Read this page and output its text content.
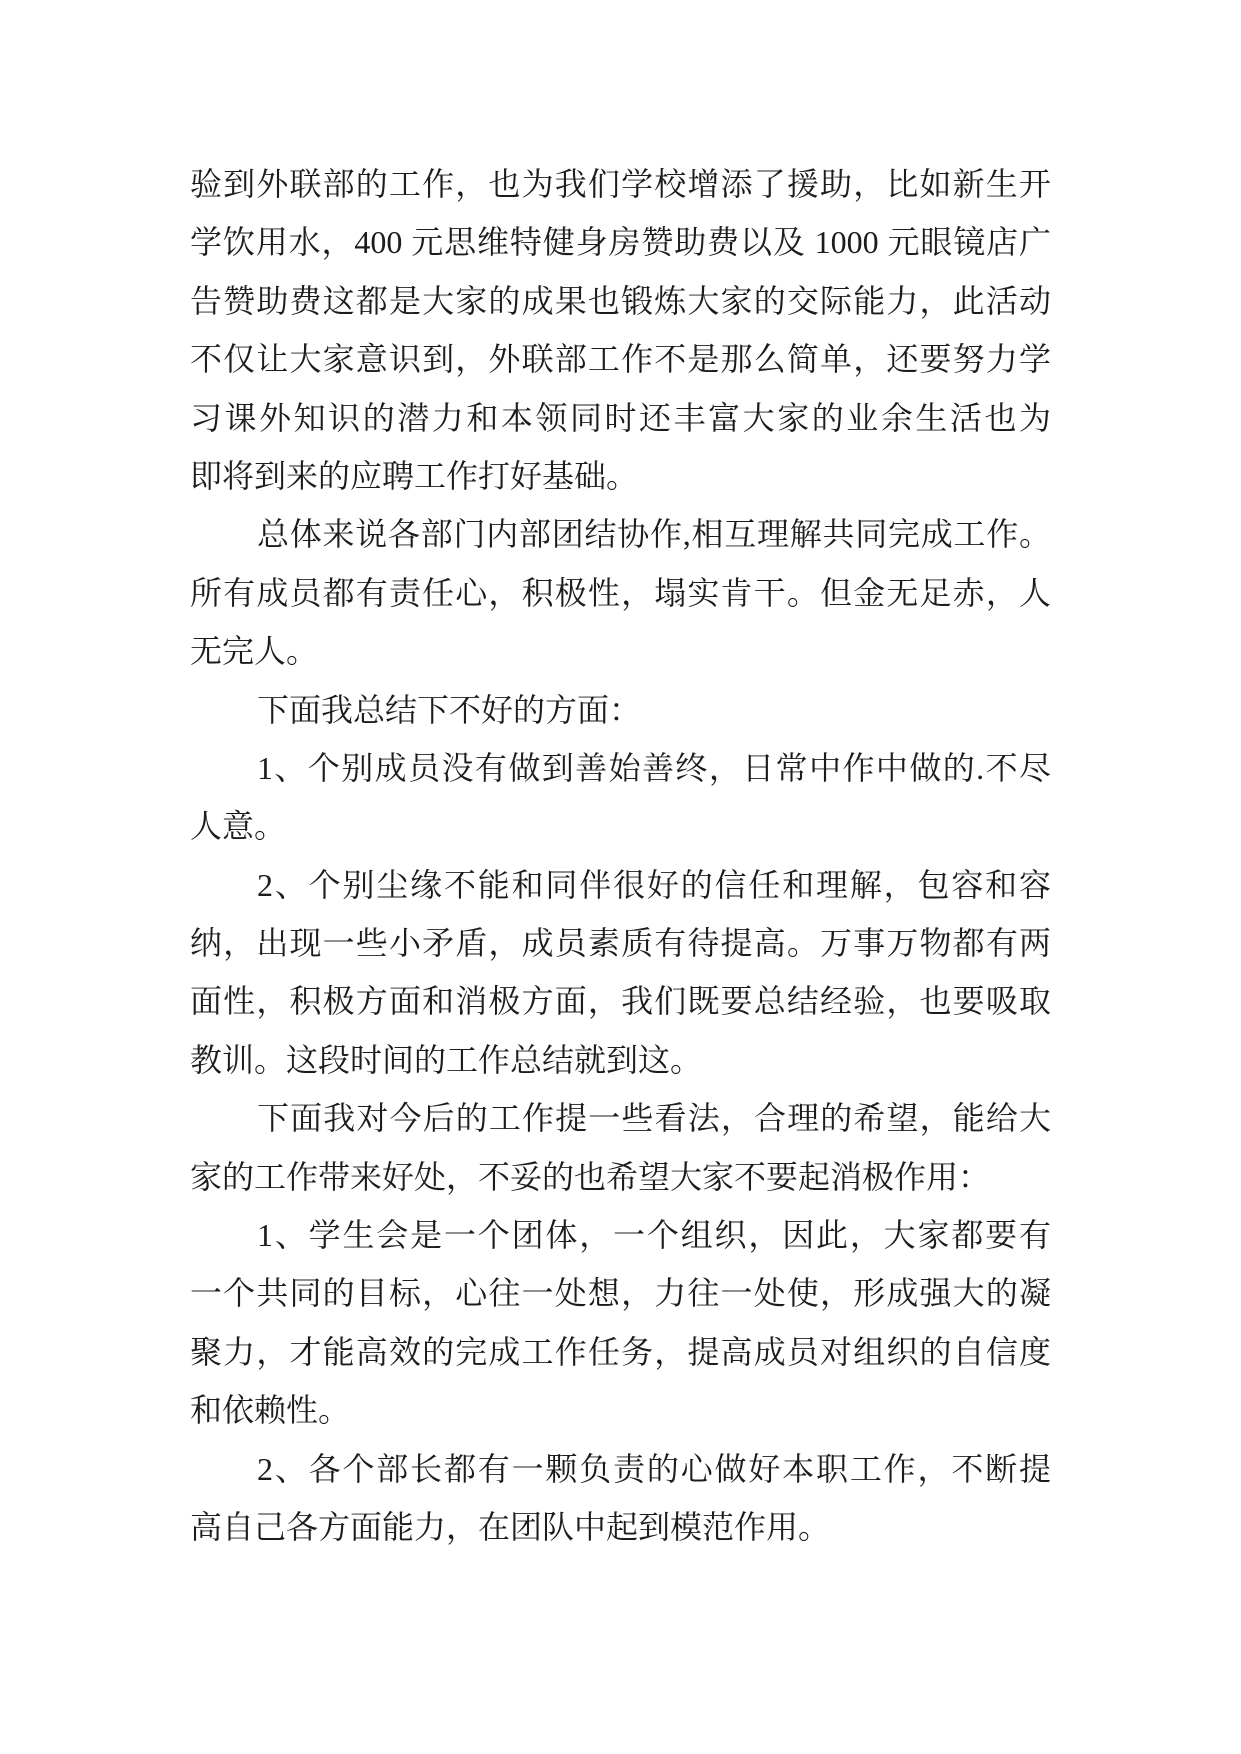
验到外联部的工作，也为我们学校增添了援助，比如新生开
学饮用水，400 元思维特健身房赞助费以及 1000 元眼镜店广
告赞助费这都是大家的成果也锻炼大家的交际能力，此活动
不仅让大家意识到，外联部工作不是那么简单，还要努力学
习课外知识的潜力和本领同时还丰富大家的业余生活也为
即将到来的应聘工作打好基础。
总体来说各部门内部团结协作,相互理解共同完成工作。
所有成员都有责任心，积极性，塌实肯干。但金无足赤，人
无完人。
下面我总结下不好的方面：
1、个别成员没有做到善始善终，日常中作中做的.不尽
人意。
2、个别尘缘不能和同伴很好的信任和理解，包容和容
纳，出现一些小矛盾，成员素质有待提高。万事万物都有两
面性，积极方面和消极方面，我们既要总结经验，也要吸取
教训。这段时间的工作总结就到这。
下面我对今后的工作提一些看法，合理的希望，能给大
家的工作带来好处，不妥的也希望大家不要起消极作用：
1、学生会是一个团体，一个组织，因此，大家都要有
一个共同的目标，心往一处想，力往一处使，形成强大的凝
聚力，才能高效的完成工作任务，提高成员对组织的自信度
和依赖性。
2、各个部长都有一颗负责的心做好本职工作，不断提
高自己各方面能力，在团队中起到模范作用。
